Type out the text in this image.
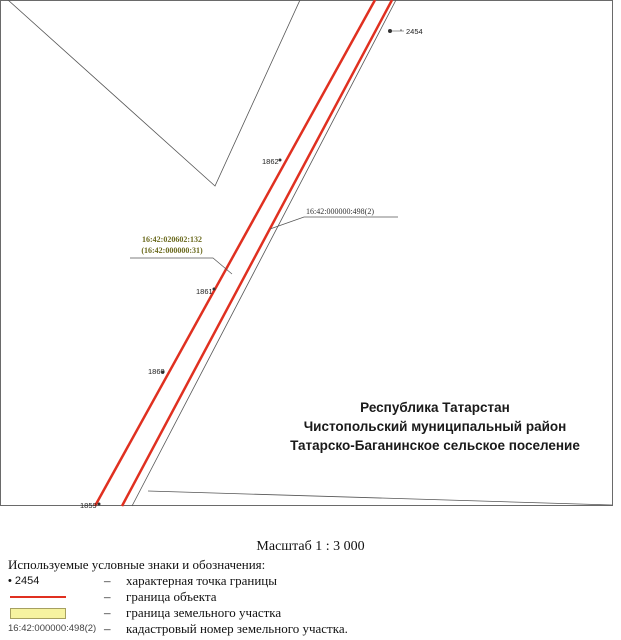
2454
1862
1861
1860
1859
16:42:020602:132
(16:42:000000:31)
16:42:000000:498(2)
Республика Татарстан
Чистопольский муниципальный район
Татарско-Баганинское сельское поселение
Масштаб 1 : 3 000
Используемые условные знаки и обозначения:
• 2454	– характерная точка границы
– граница объекта
– граница земельного участка
16:42:000000:498(2) – кадастровый номер земельного участка.
